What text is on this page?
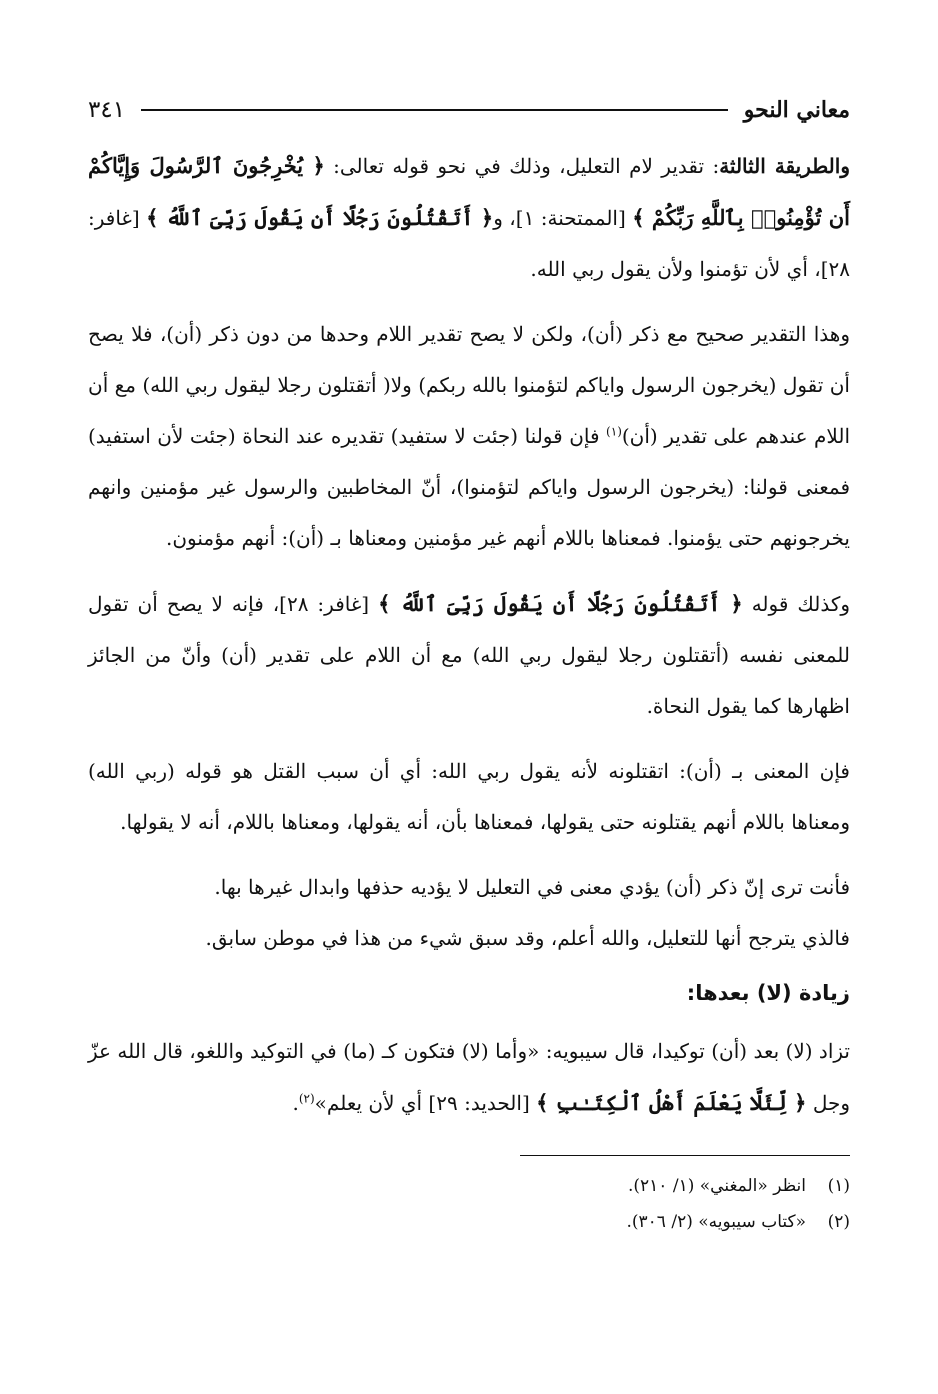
معاني النحو
٣٤١

والطريقة الثالثة: تقدير لام التعليل، وذلك في نحو قوله تعالى: ﴿ يُخْرِجُونَ ٱلرَّسُولَ وَإِيَّاكُمْ أَن تُؤْمِنُوا۟ بِٱللَّهِ رَبِّكُمْ ﴾ [الممتحنة: ١]، و﴿ أَتَقْتُلُونَ رَجُلًا أَن يَقُولَ رَبِّىَ ٱللَّهُ ﴾ [غافر: ٢٨]، أي لأن تؤمنوا ولأن يقول ربي الله.

وهذا التقدير صحيح مع ذكر (أن)، ولكن لا يصح تقدير اللام وحدها من دون ذكر (أن)، فلا يصح أن تقول (يخرجون الرسول واياكم لتؤمنوا بالله ربكم) ولا( أتقتلون رجلا ليقول ربي الله) مع أن اللام عندهم على تقدير (أن)$^{(١)}$ فإن قولنا (جئت لا ستفيد) تقديره عند النحاة (جئت لأن استفيد) فمعنى قولنا: (يخرجون الرسول واياكم لتؤمنوا)، أنّ المخاطبين والرسول غير مؤمنين وانهم يخرجونهم حتى يؤمنوا. فمعناها باللام أنهم غير مؤمنين ومعناها بـ (أن): أنهم مؤمنون.

وكذلك قوله ﴿ أَتَقْتُلُونَ رَجُلًا أَن يَقُولَ رَبِّىَ ٱللَّهُ ﴾ [غافر: ٢٨]، فإنه لا يصح أن تقول للمعنى نفسه (أتقتلون رجلا ليقول ربي الله) مع أن اللام على تقدير (أن) وأنّ من الجائز اظهارها كما يقول النحاة.

فإن المعنى بـ (أن): اتقتلونه لأنه يقول ربي الله: أي أن سبب القتل هو قوله (ربي الله) ومعناها باللام أنهم يقتلونه حتى يقولها، فمعناها بأن، أنه يقولها، ومعناها باللام، أنه لا يقولها.

فأنت ترى إنّ ذكر (أن) يؤدي معنى في التعليل لا يؤديه حذفها وابدال غيرها بها.

فالذي يترجح أنها للتعليل، والله أعلم، وقد سبق شيء من هذا في موطن سابق.

زيادة (لا) بعدها:

تزاد (لا) بعد (أن) توكيدا، قال سيبويه: «وأما (لا) فتكون كـ (ما) في التوكيد واللغو، قال الله عزّ وجل ﴿ لِّئَلَّا يَعْلَمَ أَهْلُ ٱلْكِتَـٰبِ ﴾ [الحديد: ٢٩] أي لأن يعلم»$^{(٢)}$.

(١)انظر «المغني» (١/ ٢١٠).

(٢)«كتاب سيبويه» (٢/ ٣٠٦).
